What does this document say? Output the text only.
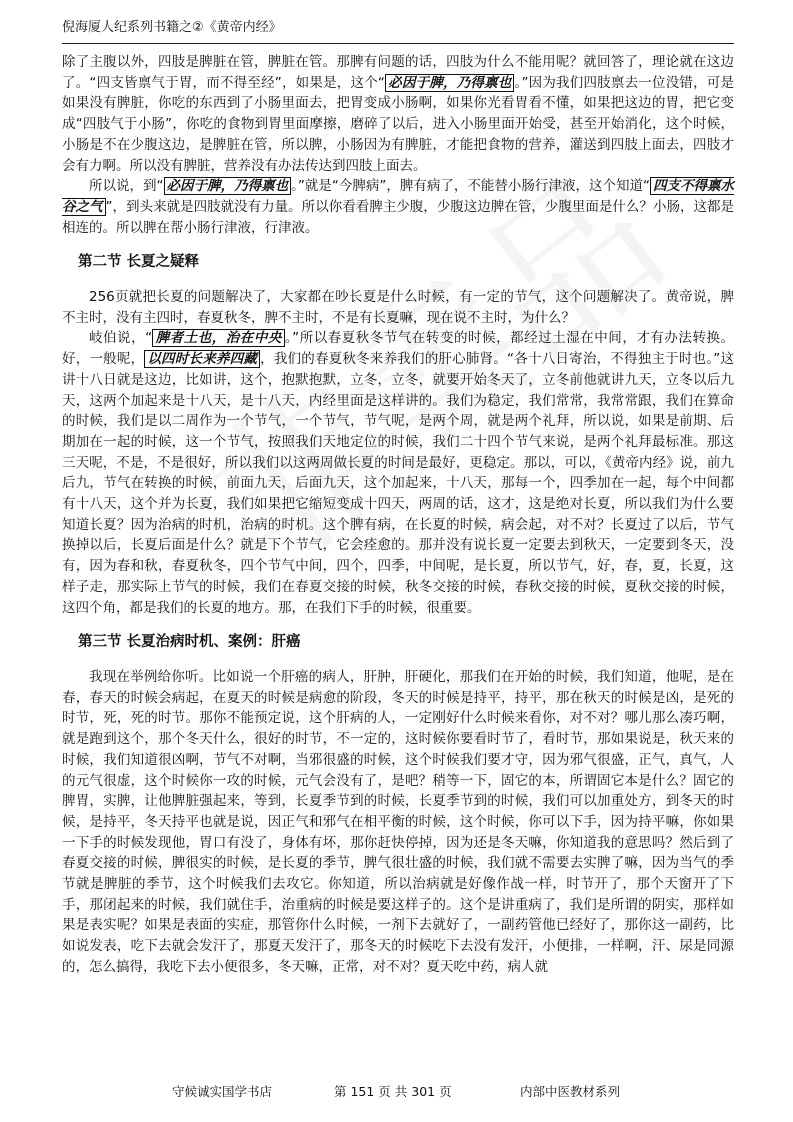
倪海厦人纪系列书籍之②《黄帝内经》

除了主腹以外，四肢是脾脏在管，脾脏在管。那脾有问题的话，四肢为什么不能用呢？就回答了，理论就在这边了。“四支皆禀气于胃，而不得至经”，如果是，这个“ 必因于脾，乃得禀也 。”因为我们四肢禀去一位没错，可是如果没有脾脏，你吃的东西到了小肠里面去，把胃变成小肠啊，如果你光看胃看不懂，如果把这边的胃，把它变成“四肢气于小肠”，你吃的食物到胃里面摩擦，磨碎了以后，进入小肠里面开始受，甚至开始消化，这个时候，小肠是不在少腹这边，是脾脏在管，所以脾，小肠因为有脾脏，才能把食物的营养，灌送到四肢上面去，四肢才会有力啊。所以没有脾脏，营养没有办法传达到四肢上面去。

所以说，到“ 必因于脾，乃得禀也 。”就是“今脾病”，脾有病了，不能替小肠行津液，这个知道“ 四支不得禀水谷之气 ”，到头来就是四肢就没有力量。所以你看看脾主少腹，少腹这边脾在管，少腹里面是什么？小肠，这都是相连的。所以脾在帮小肠行津液，行津液。

第二节 长夏之疑释

256页就把长夏的问题解决了，大家都在吵长夏是什么时候，有一定的节气，这个问题解决了。黄帝说，脾不主时，没有主四时，春夏秋冬，脾不主时，不是有长夏嘛，现在说不主时，为什么？

岐伯说，“ 脾者土也，治在中央 。”所以春夏秋冬节气在转变的时候，都经过土湿在中间，才有办法转换。好，一般呢， 以四时长来养四藏 ，我们的春夏秋冬来养我们的肝心肺肾。“各十八日寄治，不得独主于时也。”这讲十八日就是这边，比如讲，这个，抱默抱默，立冬，立冬，就要开始冬天了，立冬前他就讲九天，立冬以后九天，这两个加起来是十八天，是十八天，内经里面是这样讲的。我们为稳定，我们常常，我常常跟，我们在算命的时候，我们是以二周作为一个节气，一个节气，节气呢，是两个周，就是两个礼拜，所以说，如果是前期、后期加在一起的时候，这一个节气，按照我们天地定位的时候，我们二十四个节气来说，是两个礼拜最标准。那这三天呢，不是，不是很好，所以我们以这两周做长夏的时间是最好，更稳定。那以，可以，《黄帝内经》说，前九后九，节气在转换的时候，前面九天，后面九天，这个加起来，十八天，那每一个，四季加在一起，每个中间都有十八天，这个并为长夏，我们如果把它缩短变成十四天，两周的话，这才，这是绝对长夏，所以我们为什么要知道长夏？因为治病的时机，治病的时机。这个脾有病，在长夏的时候，病会起，对不对？长夏过了以后，节气换掉以后，长夏后面是什么？就是下个节气，它会痊愈的。那并没有说长夏一定要去到秋天，一定要到冬天，没有，因为春和秋，春夏秋冬，四个节气中间，四个，四季，中间呢，是长夏，所以节气，好，春，夏，长夏，这样子走，那实际上节气的时候，我们在春夏交接的时候，秋冬交接的时候，春秋交接的时候，夏秋交接的时候，这四个角，都是我们的长夏的地方。那，在我们下手的时候，很重要。

第三节 长夏治病时机、案例：肝癌

我现在举例给你听。比如说一个肝癌的病人，肝肿，肝硬化，那我们在开始的时候，我们知道，他呢，是在春，春天的时候会病起，在夏天的时候是病愈的阶段，冬天的时候是持平，持平，那在秋天的时候是凶，是死的时节，死，死的时节。那你不能预定说，这个肝病的人，一定刚好什么时候来看你，对不对？哪儿那么凑巧啊，就是跑到这个，那个冬天什么，很好的时节，不一定的，这时候你要看时节了，看时节，那如果说是，秋天来的时候，我们知道很凶啊，节气不对啊，当邪很盛的时候，这个时候我们要才守，因为邪气很盛，正气，真气，人的元气很虚，这个时候你一攻的时候，元气会没有了，是吧？稍等一下，固它的本，所谓固它本是什么？固它的脾胃，实脾，让他脾脏强起来，等到，长夏季节到的时候，长夏季节到的时候，我们可以加重处方，到冬天的时候，是持平，冬天持平也就是说，因正气和邪气在相平衡的时候，这个时候，你可以下手，因为持平嘛，你如果一下手的时候发现他，胃口有没了，身体有坏，那你赶快停掉，因为还是冬天嘛，你知道我的意思吗？然后到了春夏交接的时候，脾很实的时候，是长夏的季节，脾气很壮盛的时候，我们就不需要去实脾了嘛，因为当气的季节就是脾脏的季节，这个时候我们去攻它。你知道，所以治病就是好像作战一样，时节开了，那个天窗开了下手，那闭起来的时候，我们就住手，治重病的时候是要这样子的。这个是讲重病了，我们是所谓的阴实，那样如果是表实呢？如果是表面的实症，那管你什么时候，一剂下去就好了，一副药管他已经好了，那你这一副药，比如说发表，吃下去就会发汗了，那夏天发汗了，那冬天的时候吃下去没有发汗，小便排，一样啊，汗、尿是同源的，怎么搞得，我吃下去小便很多，冬天嘛，正常，对不对？夏天吃中药，病人就

守候诚实国学书店	第 151 页 共 301 页	内部中医教材系列
